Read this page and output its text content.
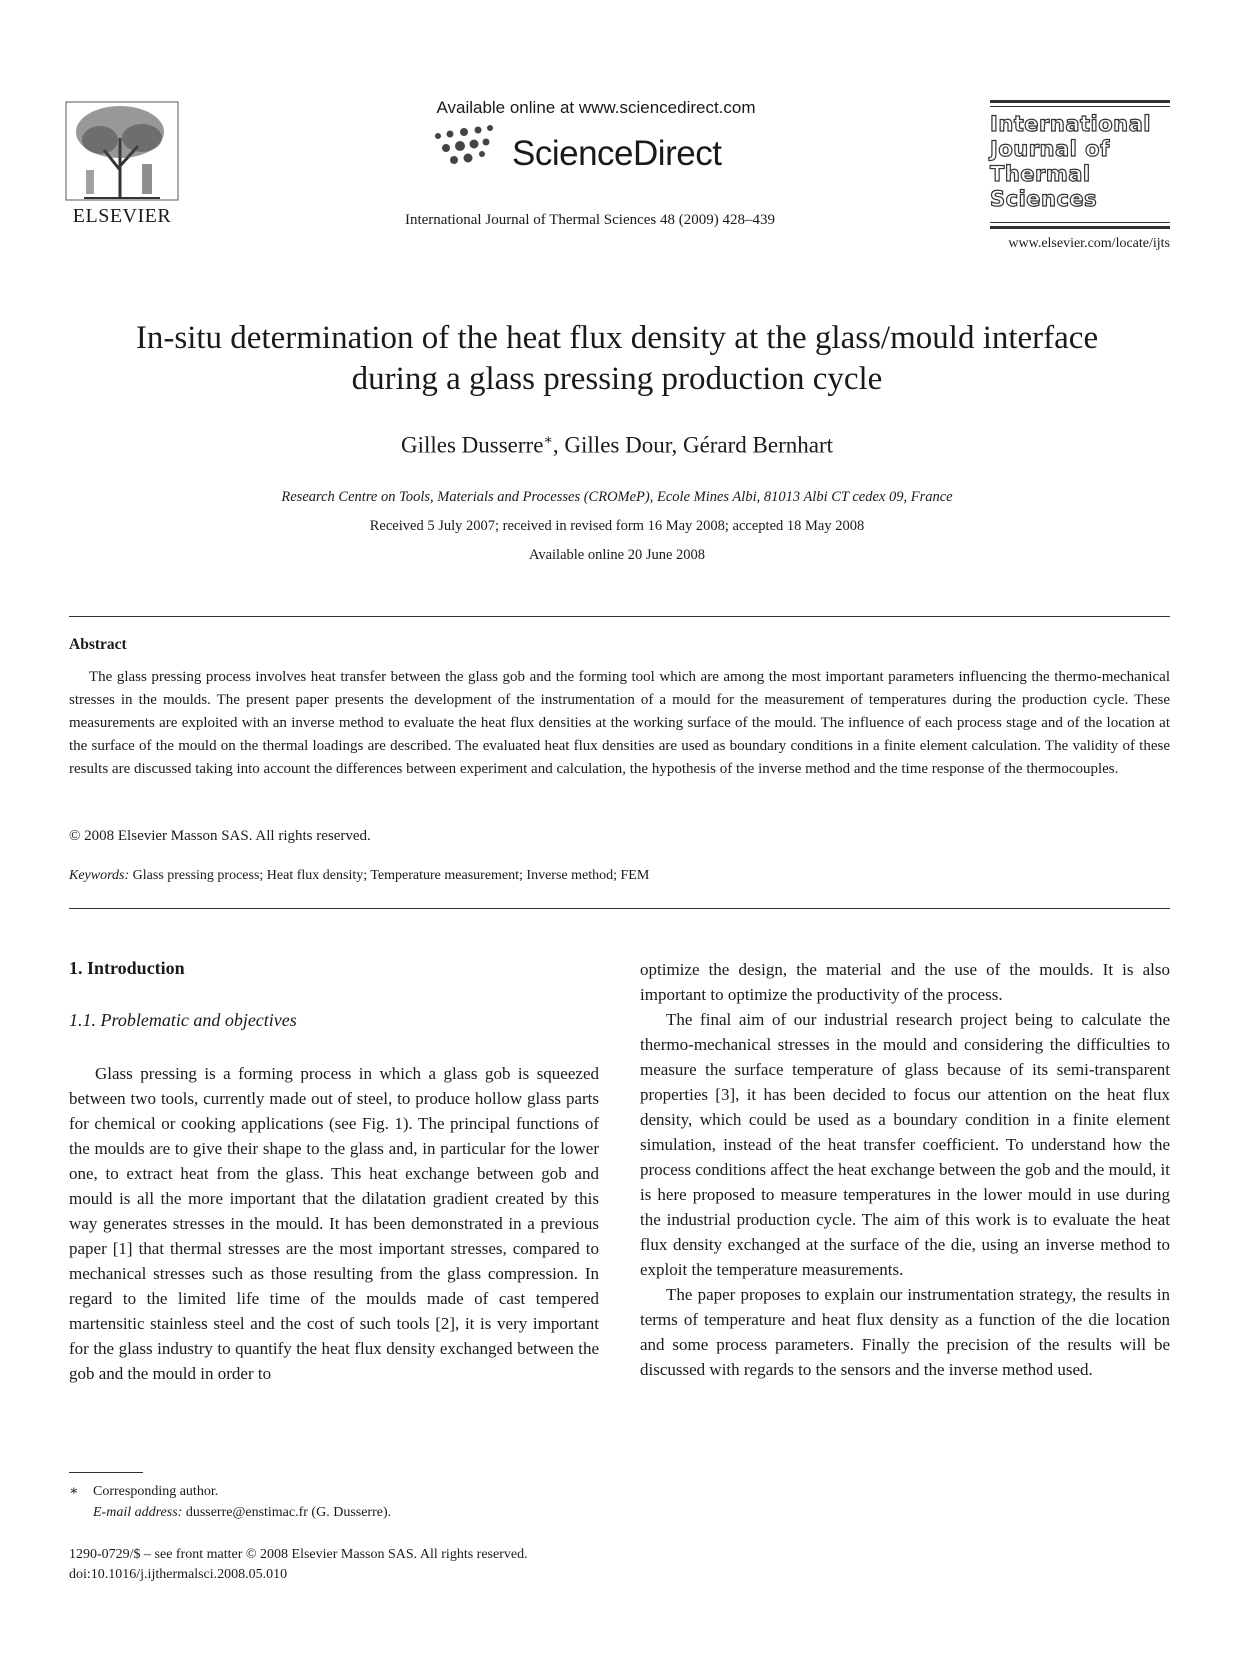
ELSEVIER
Available online at www.sciencedirect.com
ScienceDirect
International Journal of Thermal Sciences 48 (2009) 428–439
International
Journal of
Thermal
Sciences
www.elsevier.com/locate/ijts
In-situ determination of the heat flux density at the glass/mould interface
during a glass pressing production cycle
Gilles Dusserre∗, Gilles Dour, Gérard Bernhart
Research Centre on Tools, Materials and Processes (CROMeP), Ecole Mines Albi, 81013 Albi CT cedex 09, France
Received 5 July 2007; received in revised form 16 May 2008; accepted 18 May 2008
Available online 20 June 2008
Abstract
The glass pressing process involves heat transfer between the glass gob and the forming tool which are among the most important parameters influencing the thermo-mechanical stresses in the moulds. The present paper presents the development of the instrumentation of a mould for the measurement of temperatures during the production cycle. These measurements are exploited with an inverse method to evaluate the heat flux densities at the working surface of the mould. The influence of each process stage and of the location at the surface of the mould on the thermal loadings are described. The evaluated heat flux densities are used as boundary conditions in a finite element calculation. The validity of these results are discussed taking into account the differences between experiment and calculation, the hypothesis of the inverse method and the time response of the thermocouples.
© 2008 Elsevier Masson SAS. All rights reserved.
Keywords: Glass pressing process; Heat flux density; Temperature measurement; Inverse method; FEM
1. Introduction
1.1. Problematic and objectives

Glass pressing is a forming process in which a glass gob is squeezed between two tools, currently made out of steel, to produce hollow glass parts for chemical or cooking applications (see Fig. 1). The principal functions of the moulds are to give their shape to the glass and, in particular for the lower one, to extract heat from the glass. This heat exchange between gob and mould is all the more important that the dilatation gradient created by this way generates stresses in the mould. It has been demonstrated in a previous paper [1] that thermal stresses are the most important stresses, compared to mechanical stresses such as those resulting from the glass compression. In regard to the limited life time of the moulds made of cast tempered martensitic stainless steel and the cost of such tools [2], it is very important for the glass industry to quantify the heat flux density exchanged between the gob and the mould in order to

optimize the design, the material and the use of the moulds. It is also important to optimize the productivity of the process.

The final aim of our industrial research project being to calculate the thermo-mechanical stresses in the mould and considering the difficulties to measure the surface temperature of glass because of its semi-transparent properties [3], it has been decided to focus our attention on the heat flux density, which could be used as a boundary condition in a finite element simulation, instead of the heat transfer coefficient. To understand how the process conditions affect the heat exchange between the gob and the mould, it is here proposed to measure temperatures in the lower mould in use during the industrial production cycle. The aim of this work is to evaluate the heat flux density exchanged at the surface of the die, using an inverse method to exploit the temperature measurements.

The paper proposes to explain our instrumentation strategy, the results in terms of temperature and heat flux density as a function of the die location and some process parameters. Finally the precision of the results will be discussed with regards to the sensors and the inverse method used.

∗ Corresponding author.
E-mail address: dusserre@enstimac.fr (G. Dusserre).
1290-0729/$ – see front matter © 2008 Elsevier Masson SAS. All rights reserved.
doi:10.1016/j.ijthermalsci.2008.05.010
